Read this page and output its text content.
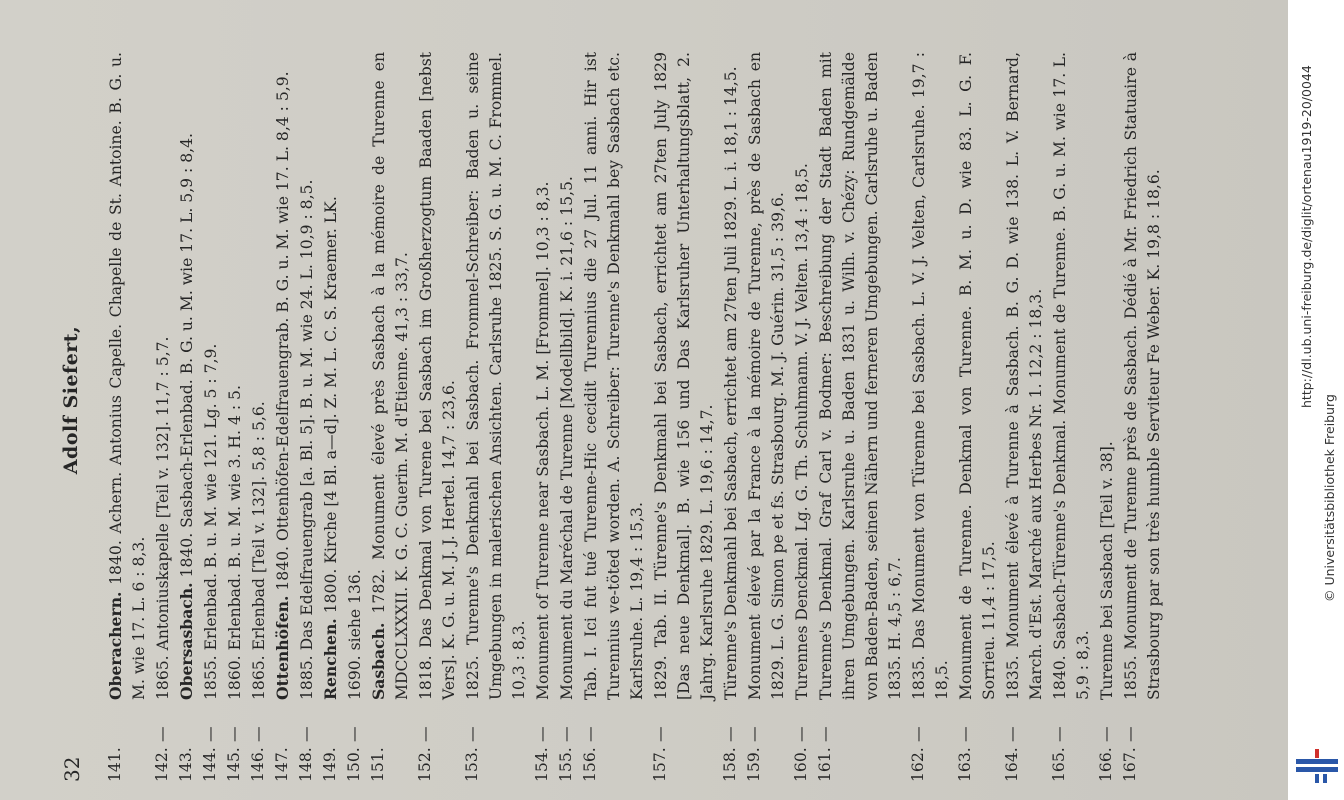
32
Adolf Siefert,
141.
Oberachern. 1840. Achern. Antonius Capelle. Chapelle de St. Antoine. B. G. u. M. wie 17. L. 6 : 8,3.
142.
—
1865. Antoniuskapelle [Teil v. 132]. 11,7 : 5,7.
143.
Obersasbach. 1840. Sasbach-Erlenbad. B. G. u. M. wie 17. L. 5,9 : 8,4.
144.
—
1855. Erlenbad. B. u. M. wie 121. Lg. 5 : 7,9.
145.
—
1860. Erlenbad. B. u. M. wie 3. H. 4 : 5.
146.
—
1865. Erlenbad [Teil v. 132]. 5,8 : 5,6.
147.
Ottenhöfen. 1840. Ottenhöfen-Edelfrauengrab. B. G. u. M. wie 17. L. 8,4 : 5,9.
148.
—
1885. Das Edelfrauengrab [a. Bl. 5]. B. u. M. wie 24. L. 10,9 : 8,5.
149.
Renchen. 1800. Kirche [4 Bl. a—d]. Z. M. L. C. S. Kraemer. LK.
150.
—
1690. siehe 136.
151.
Sasbach. 1782. Monument élevé près Sasbach à la mémoire de Turenne en MDCCLXXXII. K. G. C. Guerin. M. d'Etienne. 41,3 : 33,7.
152.
—
1818. Das Denkmal von Turene bei Sasbach im Großherzogtum Baaden [nebst Vers]. K. G. u. M. J. J. Hertel. 14,7 : 23,6.
153.
—
1825. Turenne's Denkmahl bei Sasbach. Frommel-Schreiber: Baden u. seine Umgebungen in malerischen Ansichten. Carlsruhe 1825. S. G. u. M. C. Frommel. 10,3 : 8,3.
154.
—
Monument of Turenne near Sasbach. L. M. [Frommel]. 10,3 : 8,3.
155.
—
Monument du Maréchal de Turenne [Modellbild]. K. i. 21,6 : 15,5.
156.
—
Tab. I. Ici fut tué Turenne-Hic cecidit Turennius die 27 Jul. 11 anni. Hir ist Turennius ve-töted worden. A. Schreiber: Turenne's Denkmahl bey Sasbach etc. Karlsruhe. L. 19,4 : 15,3.
157.
—
1829. Tab. II. Türenne's Denkmahl bei Sasbach, errichtet am 27ten July 1829 [Das neue Denkmal]. B. wie 156 und Das Karlsruher Unterhaltungsblatt, 2. Jahrg. Karlsruhe 1829. L. 19,6 : 14,7.
158.
—
Türenne's Denkmahl bei Sasbach, errichtet am 27ten Juli 1829. L. i. 18,1 : 14,5.
159.
—
Monument élevé par la France à la mémoire de Turenne, près de Sasbach en 1829. L. G. Simon pe et fs. Strasbourg. M. J. Guérin. 31,5 : 39,6.
160.
—
Turennes Denckmal. Lg. G. Th. Schuhmann. V. J. Velten. 13,4 : 18,5.
161.
—
Turenne's Denkmal. Graf Carl v. Bodmer: Beschreibung der Stadt Baden mit ihren Umgebungen. Karlsruhe u. Baden 1831 u. Wilh. v. Chézy: Rundgemälde von Baden-Baden, seinen Nähern und ferneren Umgebungen. Carlsruhe u. Baden 1835. H. 4,5 : 6,7.
162.
—
1835. Das Monument von Türenne bei Sasbach. L. V. J. Velten, Carlsruhe. 19,7 : 18,5.
163.
—
Monument de Turenne. Denkmal von Turenne. B. M. u. D. wie 83. L. G. F. Sorrieu. 11,4 : 17,5.
164.
—
1835. Monument élevé à Turenne à Sasbach. B. G. D. wie 138. L. V. Bernard, March. d'Est. Marché aux Herbes Nr. 1. 12,2 : 18,3.
165.
—
1840. Sasbach-Türenne's Denkmal. Monument de Turenne. B. G. u. M. wie 17. L. 5,9 : 8,3.
166.
—
Turenne bei Sasbach [Teil v. 38].
167.
—
1855. Monument de Turenne près de Sasbach. Dédié à Mr. Friedrich Statuaire à Strasbourg par son très humble Serviteur Fe Weber. K. 19,8 : 18,6.	http://dl.ub.uni-freiburg.de/diglit/ortenau1919-20/0044
© Universitätsbibliothek Freiburg
